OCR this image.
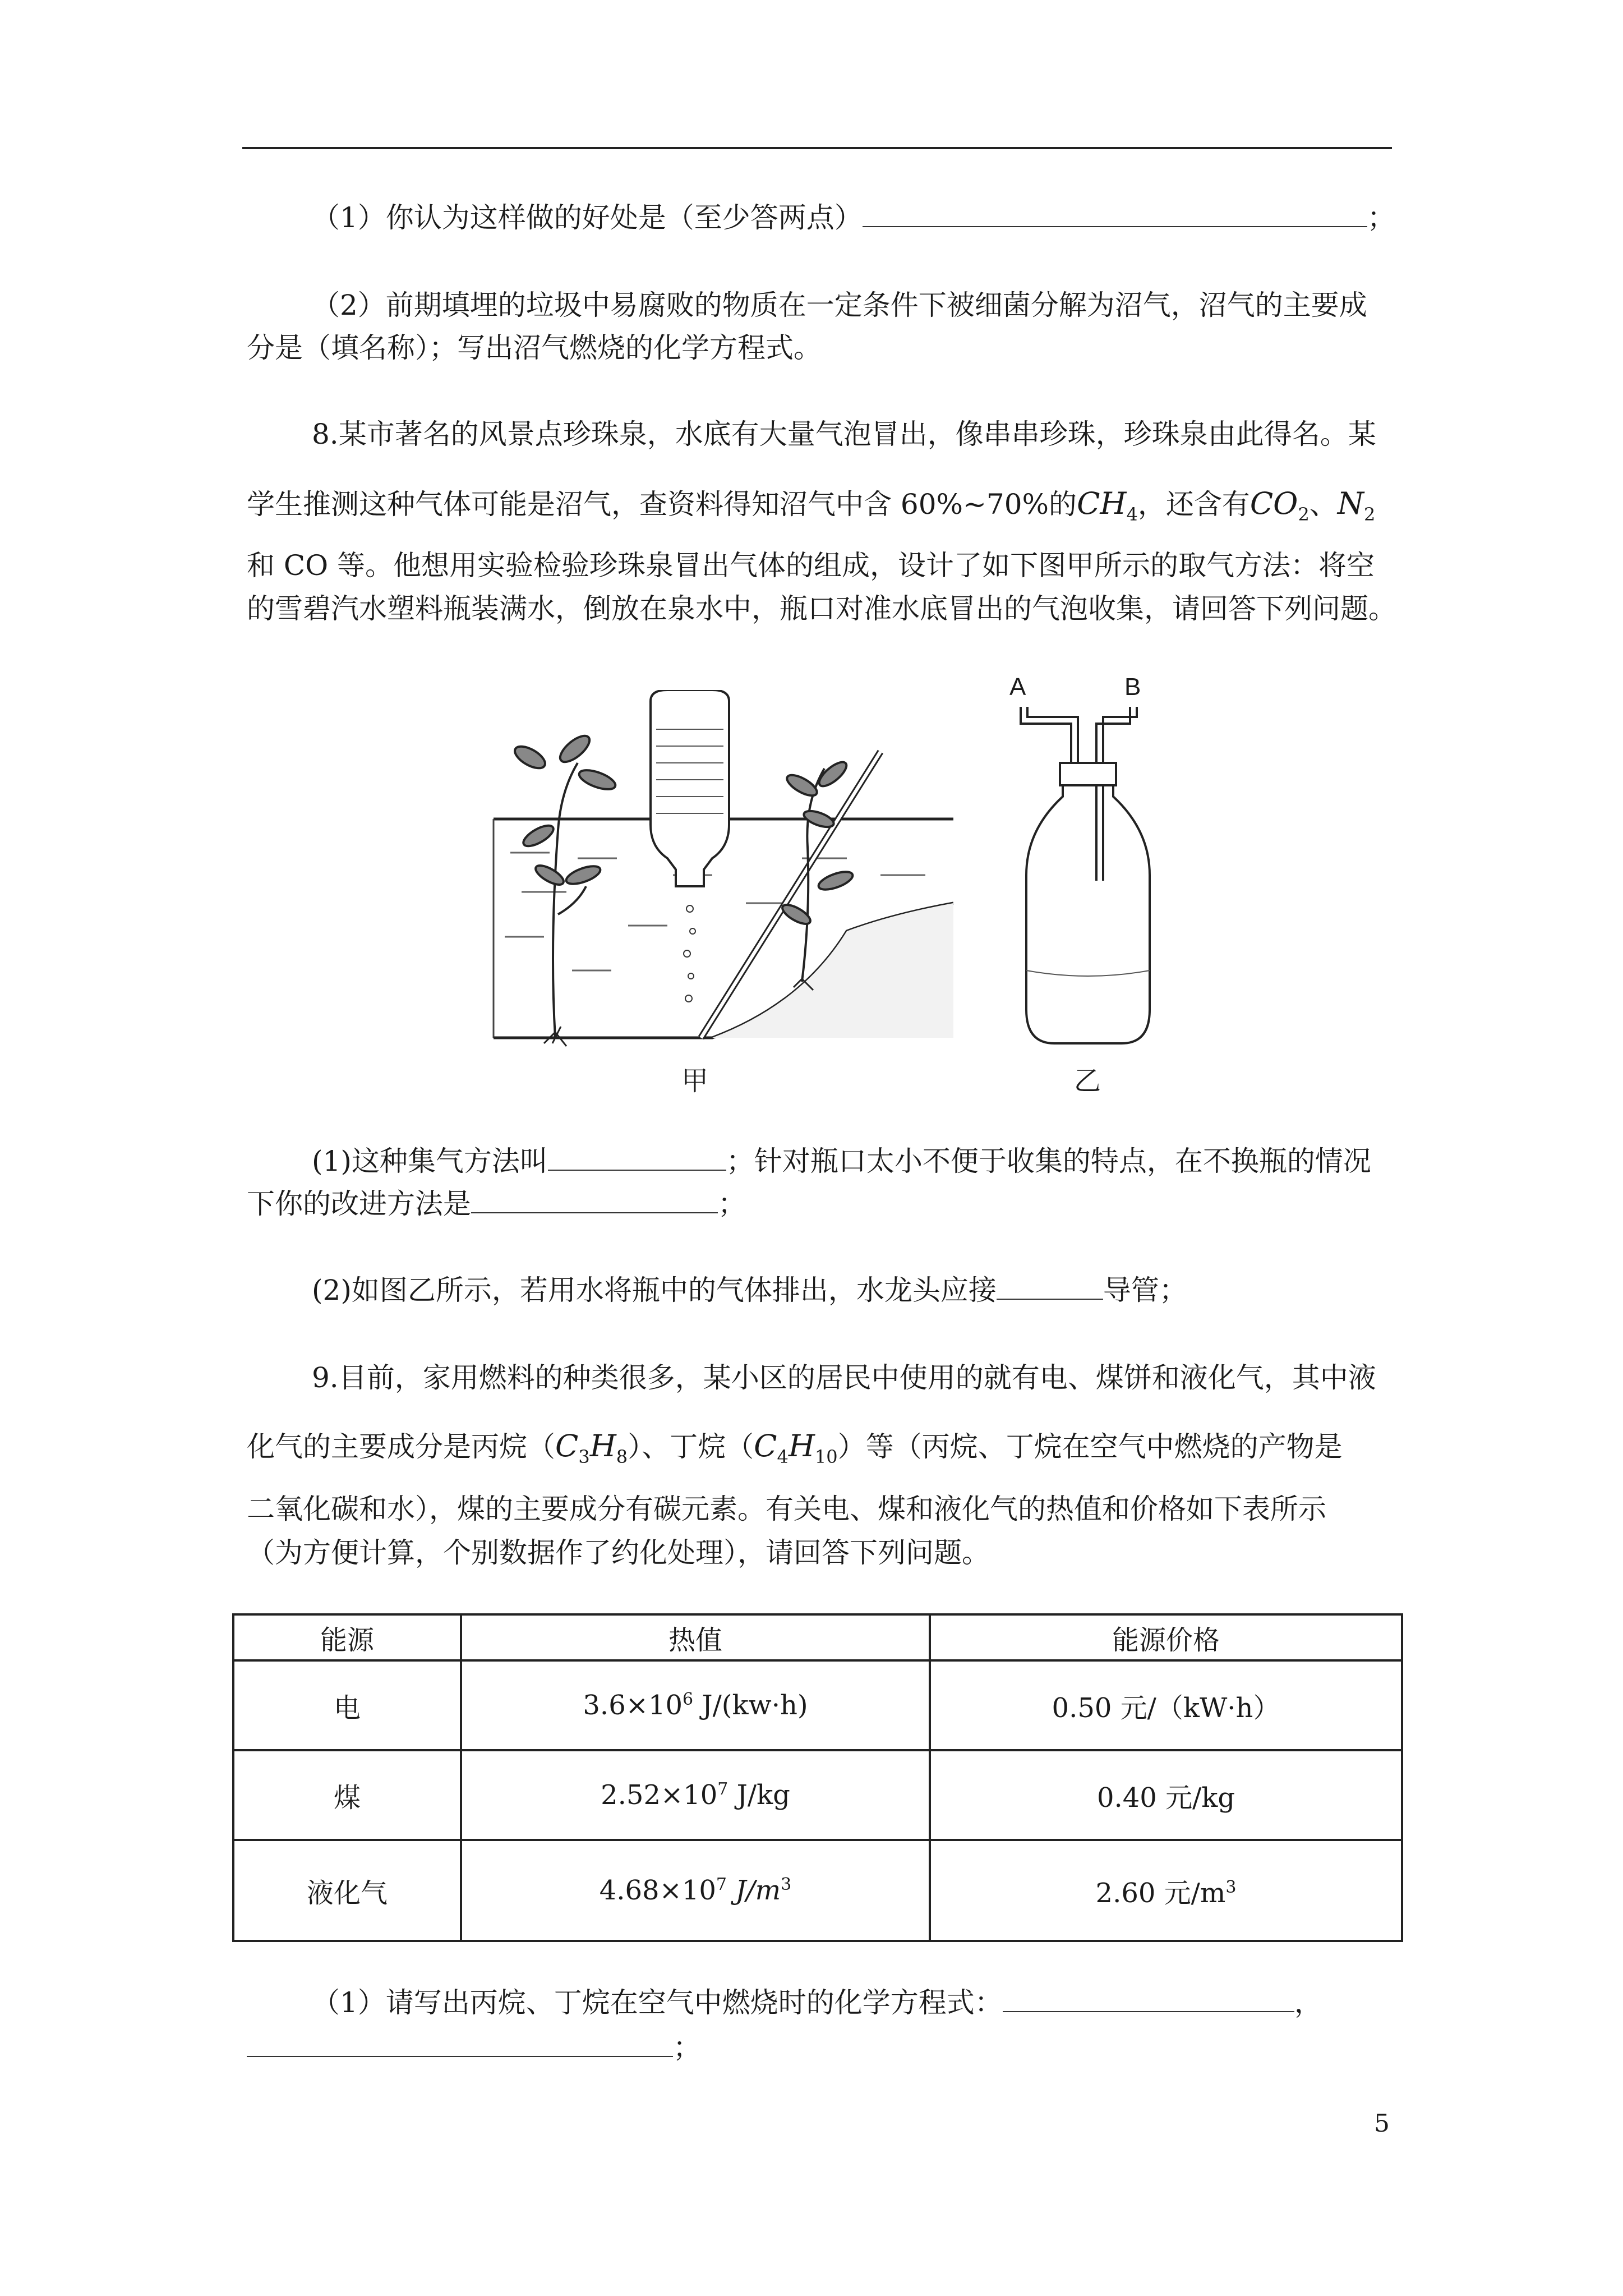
（1）你认为这样做的好处是（至少答两点）	；
（2）前期填埋的垃圾中易腐败的物质在一定条件下被细菌分解为沼气，沼气的主要成
分是（填名称）；写出沼气燃烧的化学方程式。
8.某市著名的风景点珍珠泉，水底有大量气泡冒出，像串串珍珠，珍珠泉由此得名。某
学生推测这种气体可能是沼气，查资料得知沼气中含 60%~70%的$CH_4$，还含有$CO_2$、$N_2$
和 CO 等。他想用实验检验珍珠泉冒出气体的组成，设计了如下图甲所示的取气方法：将空
的雪碧汽水塑料瓶装满水，倒放在泉水中，瓶口对准水底冒出的气泡收集，请回答下列问题。
甲
A	B
乙
(1)这种集气方法叫	；针对瓶口太小不便于收集的特点，在不换瓶的情况
下你的改进方法是	；
(2)如图乙所示，若用水将瓶中的气体排出，水龙头应接	导管；
9.目前，家用燃料的种类很多，某小区的居民中使用的就有电、煤饼和液化气，其中液
化气的主要成分是丙烷$(C_3H_8)$、丁烷$(C_4H_{10})$等（丙烷、丁烷在空气中燃烧的产物是
二氧化碳和水），煤的主要成分有碳元素。有关电、煤和液化气的热值和价格如下表所示
（为方便计算，个别数据作了约化处理），请回答下列问题。
能源	热值	能源价格
电	$3.6\times 10^6$ J/(kw·h)	0.50 元/（kW·h）
煤	$2.52\times 10^7$ J/kg	0.40 元/kg
液化气	$4.68\times 10^7$ $J/m^3$	2.60 元$/m^3$
（1）请写出丙烷、丁烷在空气中燃烧时的化学方程式：	，
；
5
